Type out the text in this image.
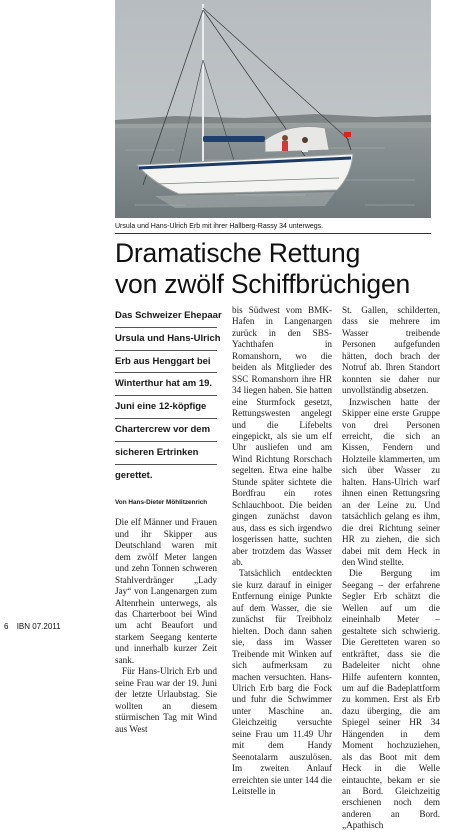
Ursula und Hans-Ulrich Erb mit ihrer Hallberg-Rassy 34 unterwegs.
Dramatische Rettung
von zwölf Schiffbrüchigen
Das Schweizer Ehepaar
Ursula und Hans-Ulrich
Erb aus Henggart bei
Winterthur hat am 19.
Juni eine 12-köpfige
Chartercrew vor dem
sicheren Ertrinken
gerettet.
Von Hans-Dieter Möhlitzenrich

Die elf Männer und Frauen und ihr Skipper aus Deutschland waren mit dem zwölf Meter langen und zehn Tonnen schweren Stahlverdränger „Lady Jay“ von Langenargen zum Altenrhein unterwegs, als das Charterboot bei Wind um acht Beaufort und starkem Seegang kenterte und innerhalb kurzer Zeit sank.

Für Hans-Ulrich Erb und seine Frau war der 19. Juni der letzte Urlaubstag. Sie wollten an diesem stürmischen Tag mit Wind aus West

bis Südwest vom BMK-Hafen in Langenargen zurück in den SBS-Yachthafen in Romanshorn, wo die beiden als Mitglieder des SSC Romanshorn ihre HR 34 liegen haben. Sie hatten eine Sturmfock gesetzt, Rettungswesten angelegt und die Lifebelts eingepickt, als sie um elf Uhr ausliefen und am Wind Richtung Rorschach segelten. Etwa eine halbe Stunde später sichtete die Bordfrau ein rotes Schlauchboot. Die beiden gingen zunächst davon aus, dass es sich irgendwo losgerissen hatte, suchten aber trotzdem das Wasser ab.

Tatsächlich entdeckten sie kurz darauf in einiger Entfernung einige Punkte auf dem Wasser, die sie zunächst für Treibholz hielten. Doch dann sahen sie, dass im Wasser Treibende mit Winken auf sich aufmerksam zu machen versuchten. Hans-Ulrich Erb barg die Fock und fuhr die Schwimmer unter Maschine an. Gleichzeitig versuchte seine Frau um 11.49 Uhr mit dem Handy Seenotalarm auszulösen. Im zweiten Anlauf erreichten sie unter 144 die Leitstelle in

St. Gallen, schilderten, dass sie mehrere im Wasser treibende Personen aufgefunden hätten, doch brach der Notruf ab. Ihren Standort konnten sie daher nur unvollständig absetzen.

Inzwischen hatte der Skipper eine erste Gruppe von drei Personen erreicht, die sich an Kissen, Fendern und Holzteile klammerten, um sich über Wasser zu halten. Hans-Ulrich warf ihnen einen Rettungsring an der Leine zu. Und tatsächlich gelang es ihm, die drei Richtung seiner HR zu ziehen, die sich dabei mit dem Heck in den Wind stellte.

Die Bergung im Seegang – der erfahrene Segler Erb schätzt die Wellen auf um die eineinhalb Meter – gestaltete sich schwierig. Die Geretteten waren so entkräftet, dass sie die Badeleiter nicht ohne Hilfe aufentern konnten, um auf die Badeplattform zu kommen. Erst als Erb dazu überging, die am Spiegel seiner HR 34 Hängenden in dem Moment hochzuziehen, als das Boot mit dem Heck in die Welle eintauchte, bekam er sie an Bord. Gleichzeitig erschienen noch dem anderen an Bord. „Apathisch

6 IBN 07.2011
